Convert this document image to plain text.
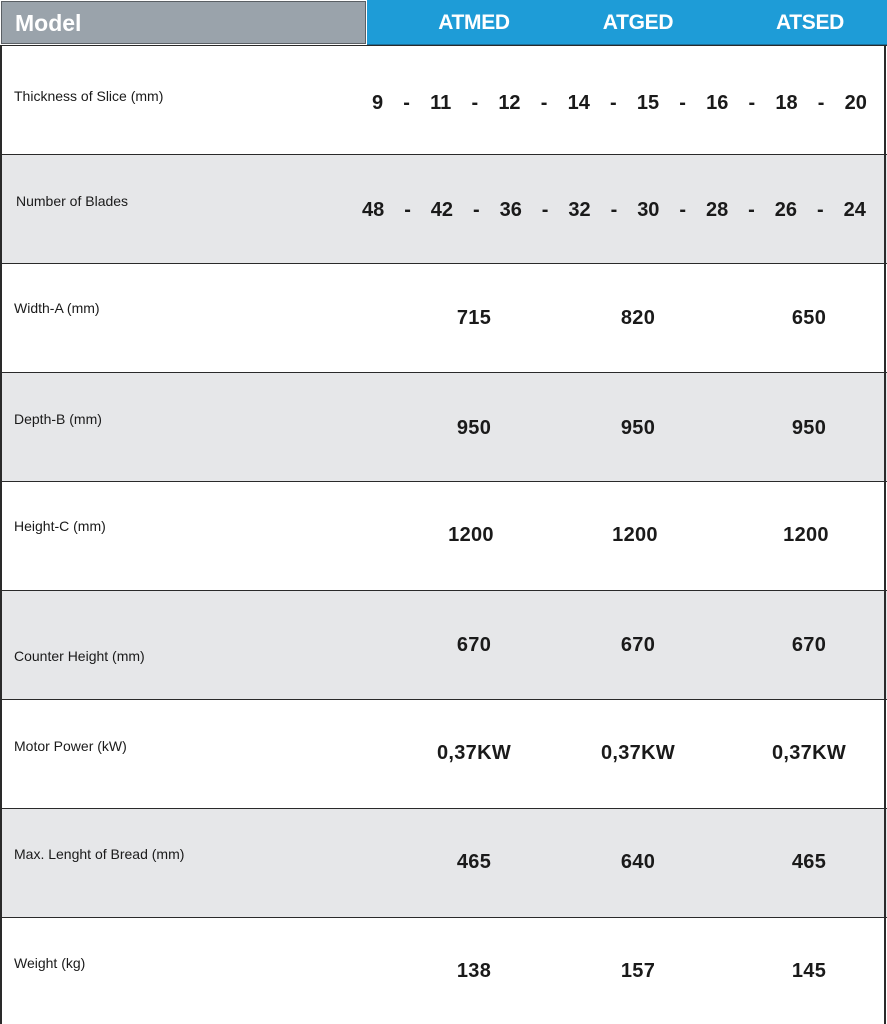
Model	ATMED	ATGED	ATSED
Thickness of Slice (mm)	9 - 11 - 12 - 14 - 15 - 16 - 18 - 20
Number of Blades	48 - 42 - 36 - 32 - 30 - 28 - 26 - 24
Width-A (mm)	715	820	650
Depth-B (mm)	950	950	950
Height-C (mm)	1200	1200	1200
Counter Height (mm)	670	670	670
Motor Power (kW)	0,37KW	0,37KW	0,37KW
Max. Lenght of Bread (mm)	465	640	465
Weight (kg)	138	157	145
